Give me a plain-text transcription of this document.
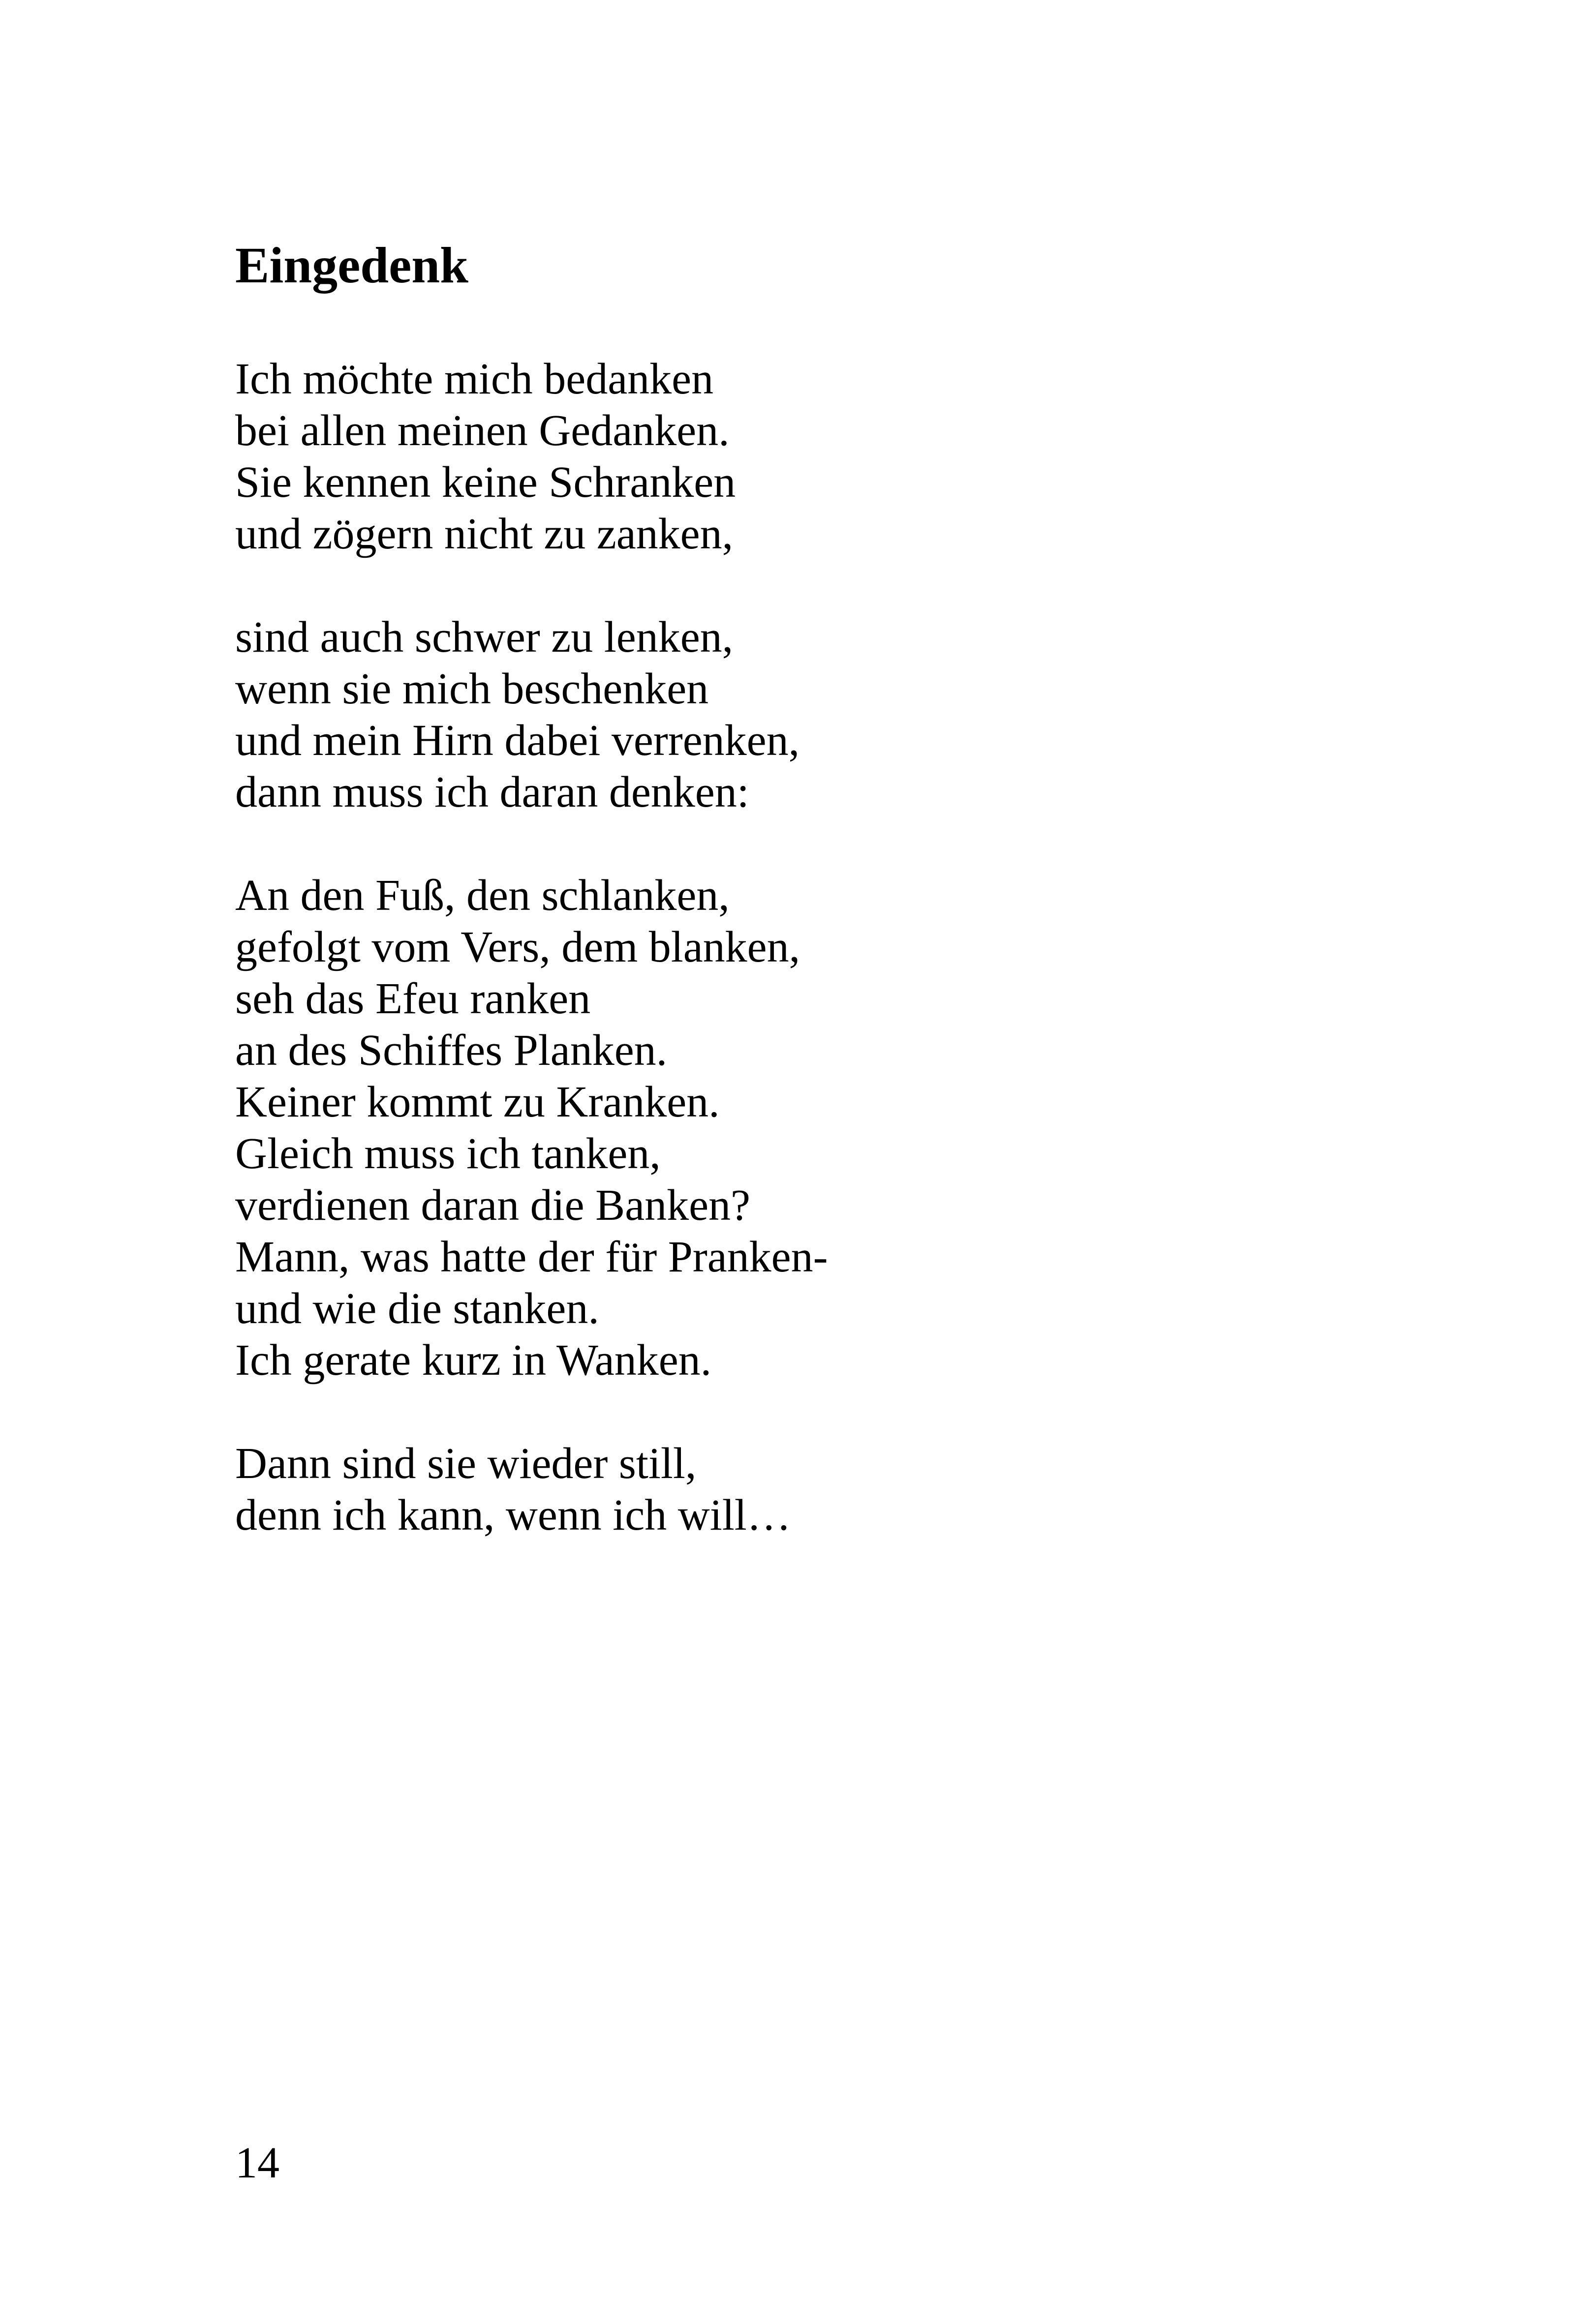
Eingedenk
Ich möchte mich bedanken
bei allen meinen Gedanken.
Sie kennen keine Schranken
und zögern nicht zu zanken,
sind auch schwer zu lenken,
wenn sie mich beschenken
und mein Hirn dabei verrenken,
dann muss ich daran denken:
An den Fuß, den schlanken,
gefolgt vom Vers, dem blanken,
seh das Efeu ranken
an des Schiffes Planken.
Keiner kommt zu Kranken.
Gleich muss ich tanken,
verdienen daran die Banken?
Mann, was hatte der für Pranken-
und wie die stanken.
Ich gerate kurz in Wanken.
Dann sind sie wieder still,
denn ich kann, wenn ich will…
14
